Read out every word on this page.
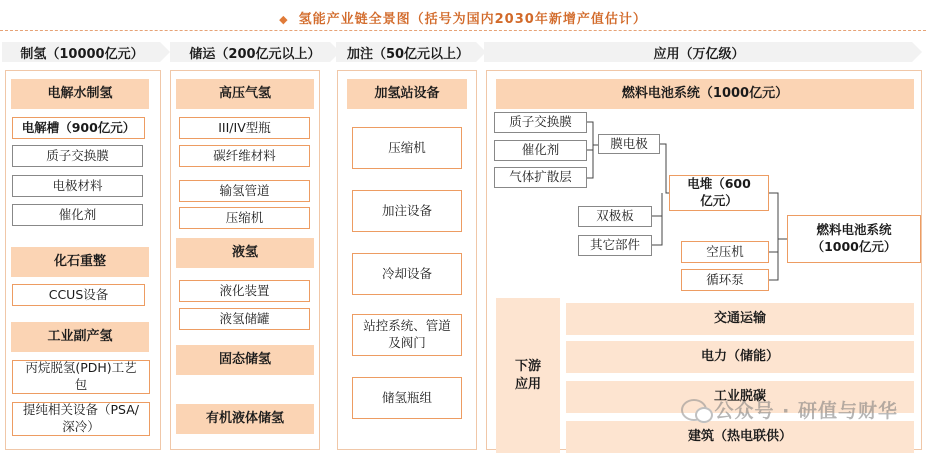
◆ 氢能产业链全景图（括号为国内2030年新增产值估计）
制氢（10000亿元）	储运（200亿元以上）	加注（50亿元以上）	应用（万亿级）
电解水制氢
电解槽（900亿元）
质子交换膜
电极材料
催化剂
化石重整
CCUS设备
工业副产氢
丙烷脱氢(PDH)工艺包
提纯相关设备（PSA/深冷）
高压气氢
III/IV型瓶
碳纤维材料
输氢管道
压缩机
液氢
液化装置
液氢储罐
固态储氢
有机液体储氢
加氢站设备
压缩机
加注设备
冷却设备
站控系统、管道及阀门
储氢瓶组
燃料电池系统（1000亿元）
质子交换膜
催化剂
气体扩散层
膜电极
双极板
其它部件
电堆（600亿元）
空压机
循环泵
燃料电池系统（1000亿元）
下游应用
交通运输
电力（储能）
工业脱碳
建筑（热电联供）
公众号 · 研值与财华
